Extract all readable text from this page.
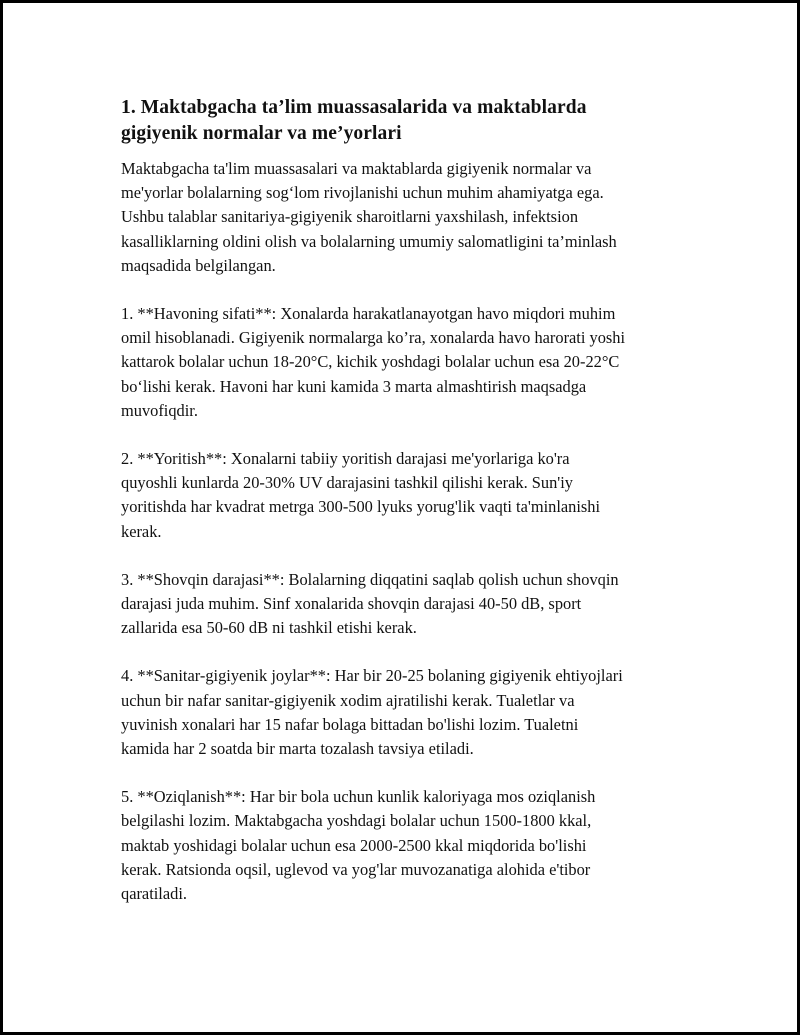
1. Maktabgacha ta’lim muassasalarida va maktablarda
gigiyenik normalar va me’yorlari

Maktabgacha ta'lim muassasalari va maktablarda gigiyenik normalar va
me'yorlar bolalarning sog‘lom rivojlanishi uchun muhim ahamiyatga ega.
Ushbu talablar sanitariya-gigiyenik sharoitlarni yaxshilash, infektsion
kasalliklarning oldini olish va bolalarning umumiy salomatligini ta’minlash
maqsadida belgilangan.

1. **Havoning sifati**: Xonalarda harakatlanayotgan havo miqdori muhim
omil hisoblanadi. Gigiyenik normalarga ko’ra, xonalarda havo harorati yoshi
kattarok bolalar uchun 18-20°C, kichik yoshdagi bolalar uchun esa 20-22°C
bo‘lishi kerak. Havoni har kuni kamida 3 marta almashtirish maqsadga
muvofiqdir.

2. **Yoritish**: Xonalarni tabiiy yoritish darajasi me'yorlariga ko'ra
quyoshli kunlarda 20-30% UV darajasini tashkil qilishi kerak. Sun'iy
yoritishda har kvadrat metrga 300-500 lyuks yorug'lik vaqti ta'minlanishi
kerak.

3. **Shovqin darajasi**: Bolalarning diqqatini saqlab qolish uchun shovqin
darajasi juda muhim. Sinf xonalarida shovqin darajasi 40-50 dB, sport
zallarida esa 50-60 dB ni tashkil etishi kerak.

4. **Sanitar-gigiyenik joylar**: Har bir 20-25 bolaning gigiyenik ehtiyojlari
uchun bir nafar sanitar-gigiyenik xodim ajratilishi kerak. Tualetlar va
yuvinish xonalari har 15 nafar bolaga bittadan bo'lishi lozim. Tualetni
kamida har 2 soatda bir marta tozalash tavsiya etiladi.

5. **Oziqlanish**: Har bir bola uchun kunlik kaloriyaga mos oziqlanish
belgilashi lozim. Maktabgacha yoshdagi bolalar uchun 1500-1800 kkal,
maktab yoshidagi bolalar uchun esa 2000-2500 kkal miqdorida bo'lishi
kerak. Ratsionda oqsil, uglevod va yog'lar muvozanatiga alohida e'tibor
qaratiladi.
